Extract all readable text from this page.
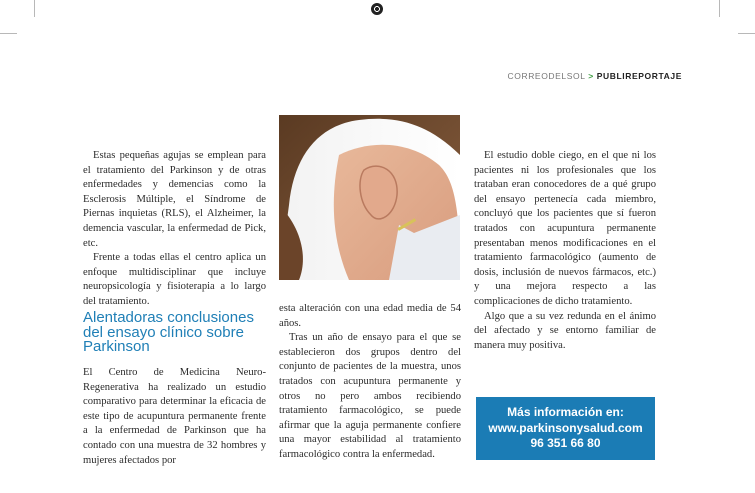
CORREODELSOL > PUBLIREPORTAJE

Estas pequeñas agujas se emplean para el tratamiento del Parkinson y de otras enfermedades y demencias como la Esclerosis Múltiple, el Síndrome de Piernas inquietas (RLS), el Alzheimer, la demencia vascular, la enfermedad de Pick, etc.

Frente a todas ellas el centro aplica un enfoque multidisciplinar que incluye neuropsicología y fisioterapia a lo largo del tratamiento.

Alentadoras conclusiones del ensayo clínico sobre Parkinson

El Centro de Medicina Neuro-Regenerativa ha realizado un estudio comparativo para determinar la eficacia de este tipo de acupuntura permanente frente a la enfermedad de Parkinson que ha contado con una muestra de 32 hombres y mujeres afectados por

esta alteración con una edad media de 54 años.

Tras un año de ensayo para el que se establecieron dos grupos dentro del conjunto de pacientes de la muestra, unos tratados con acupuntura permanente y otros no pero ambos recibiendo tratamiento farmacológico, se puede afirmar que la aguja permanente confiere una mayor estabilidad al tratamiento farmacológico contra la enfermedad.

El estudio doble ciego, en el que ni los pacientes ni los profesionales que los trataban eran conocedores de a qué grupo del ensayo pertenecía cada miembro, concluyó que los pacientes que sí fueron tratados con acupuntura permanente presentaban menos modificaciones en el tratamiento farmacológico (aumento de dosis, inclusión de nuevos fármacos, etc.) y una mejora respecto a las complicaciones de dicho tratamiento.

Algo que a su vez redunda en el ánimo del afectado y se entorno familiar de manera muy positiva.

Más información en:
www.parkinsonysalud.com
96 351 66 80
